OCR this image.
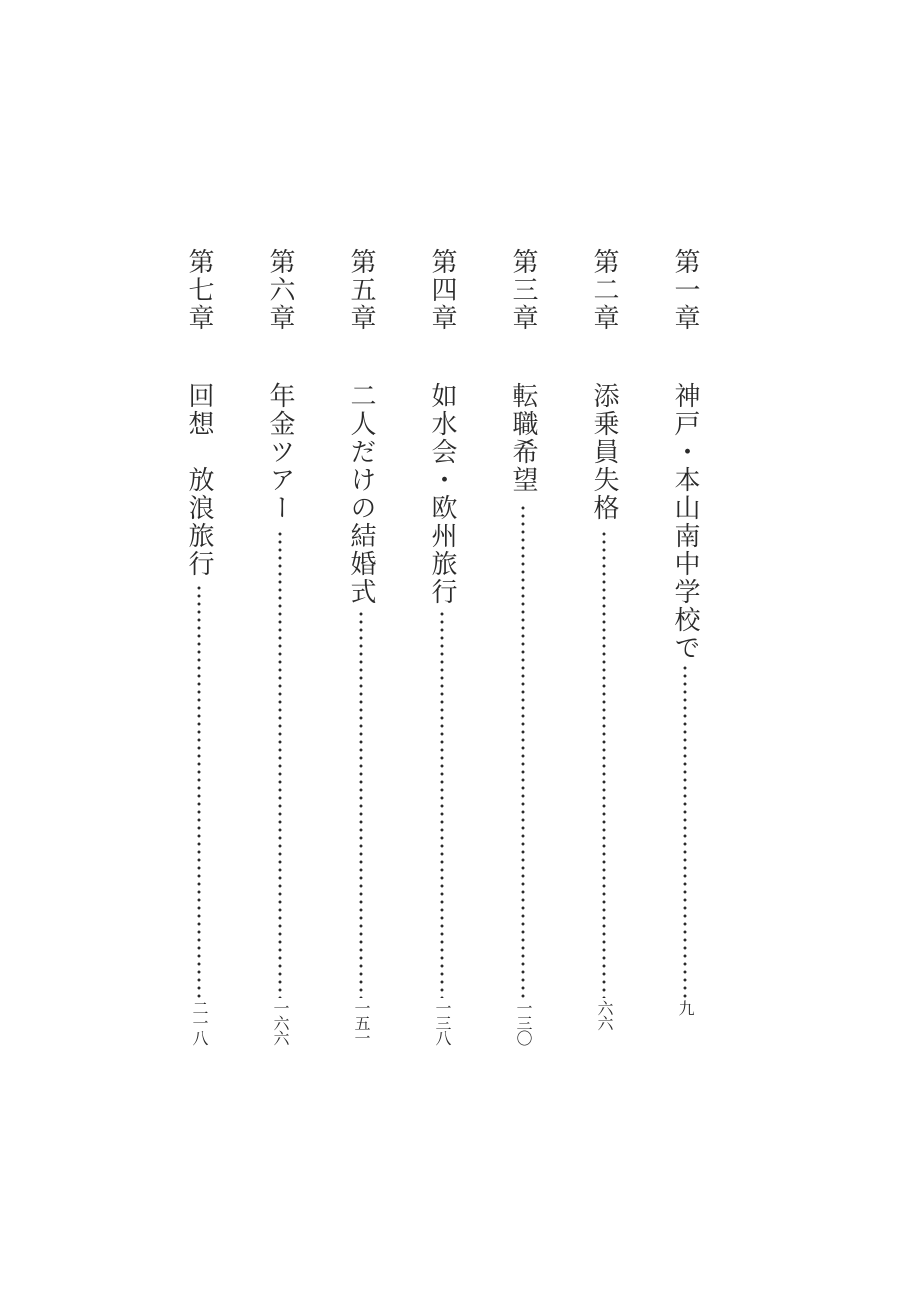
第一章
神戸・本山南中学校で
九
第二章
添乗員失格
六六
第三章
転職希望
一三〇
第四章
如水会・欧州旅行
一三八
第五章
二人だけの結婚式
一五一
第六章
年金ツアー
一六六
第七章
回想　放浪旅行
二一八
